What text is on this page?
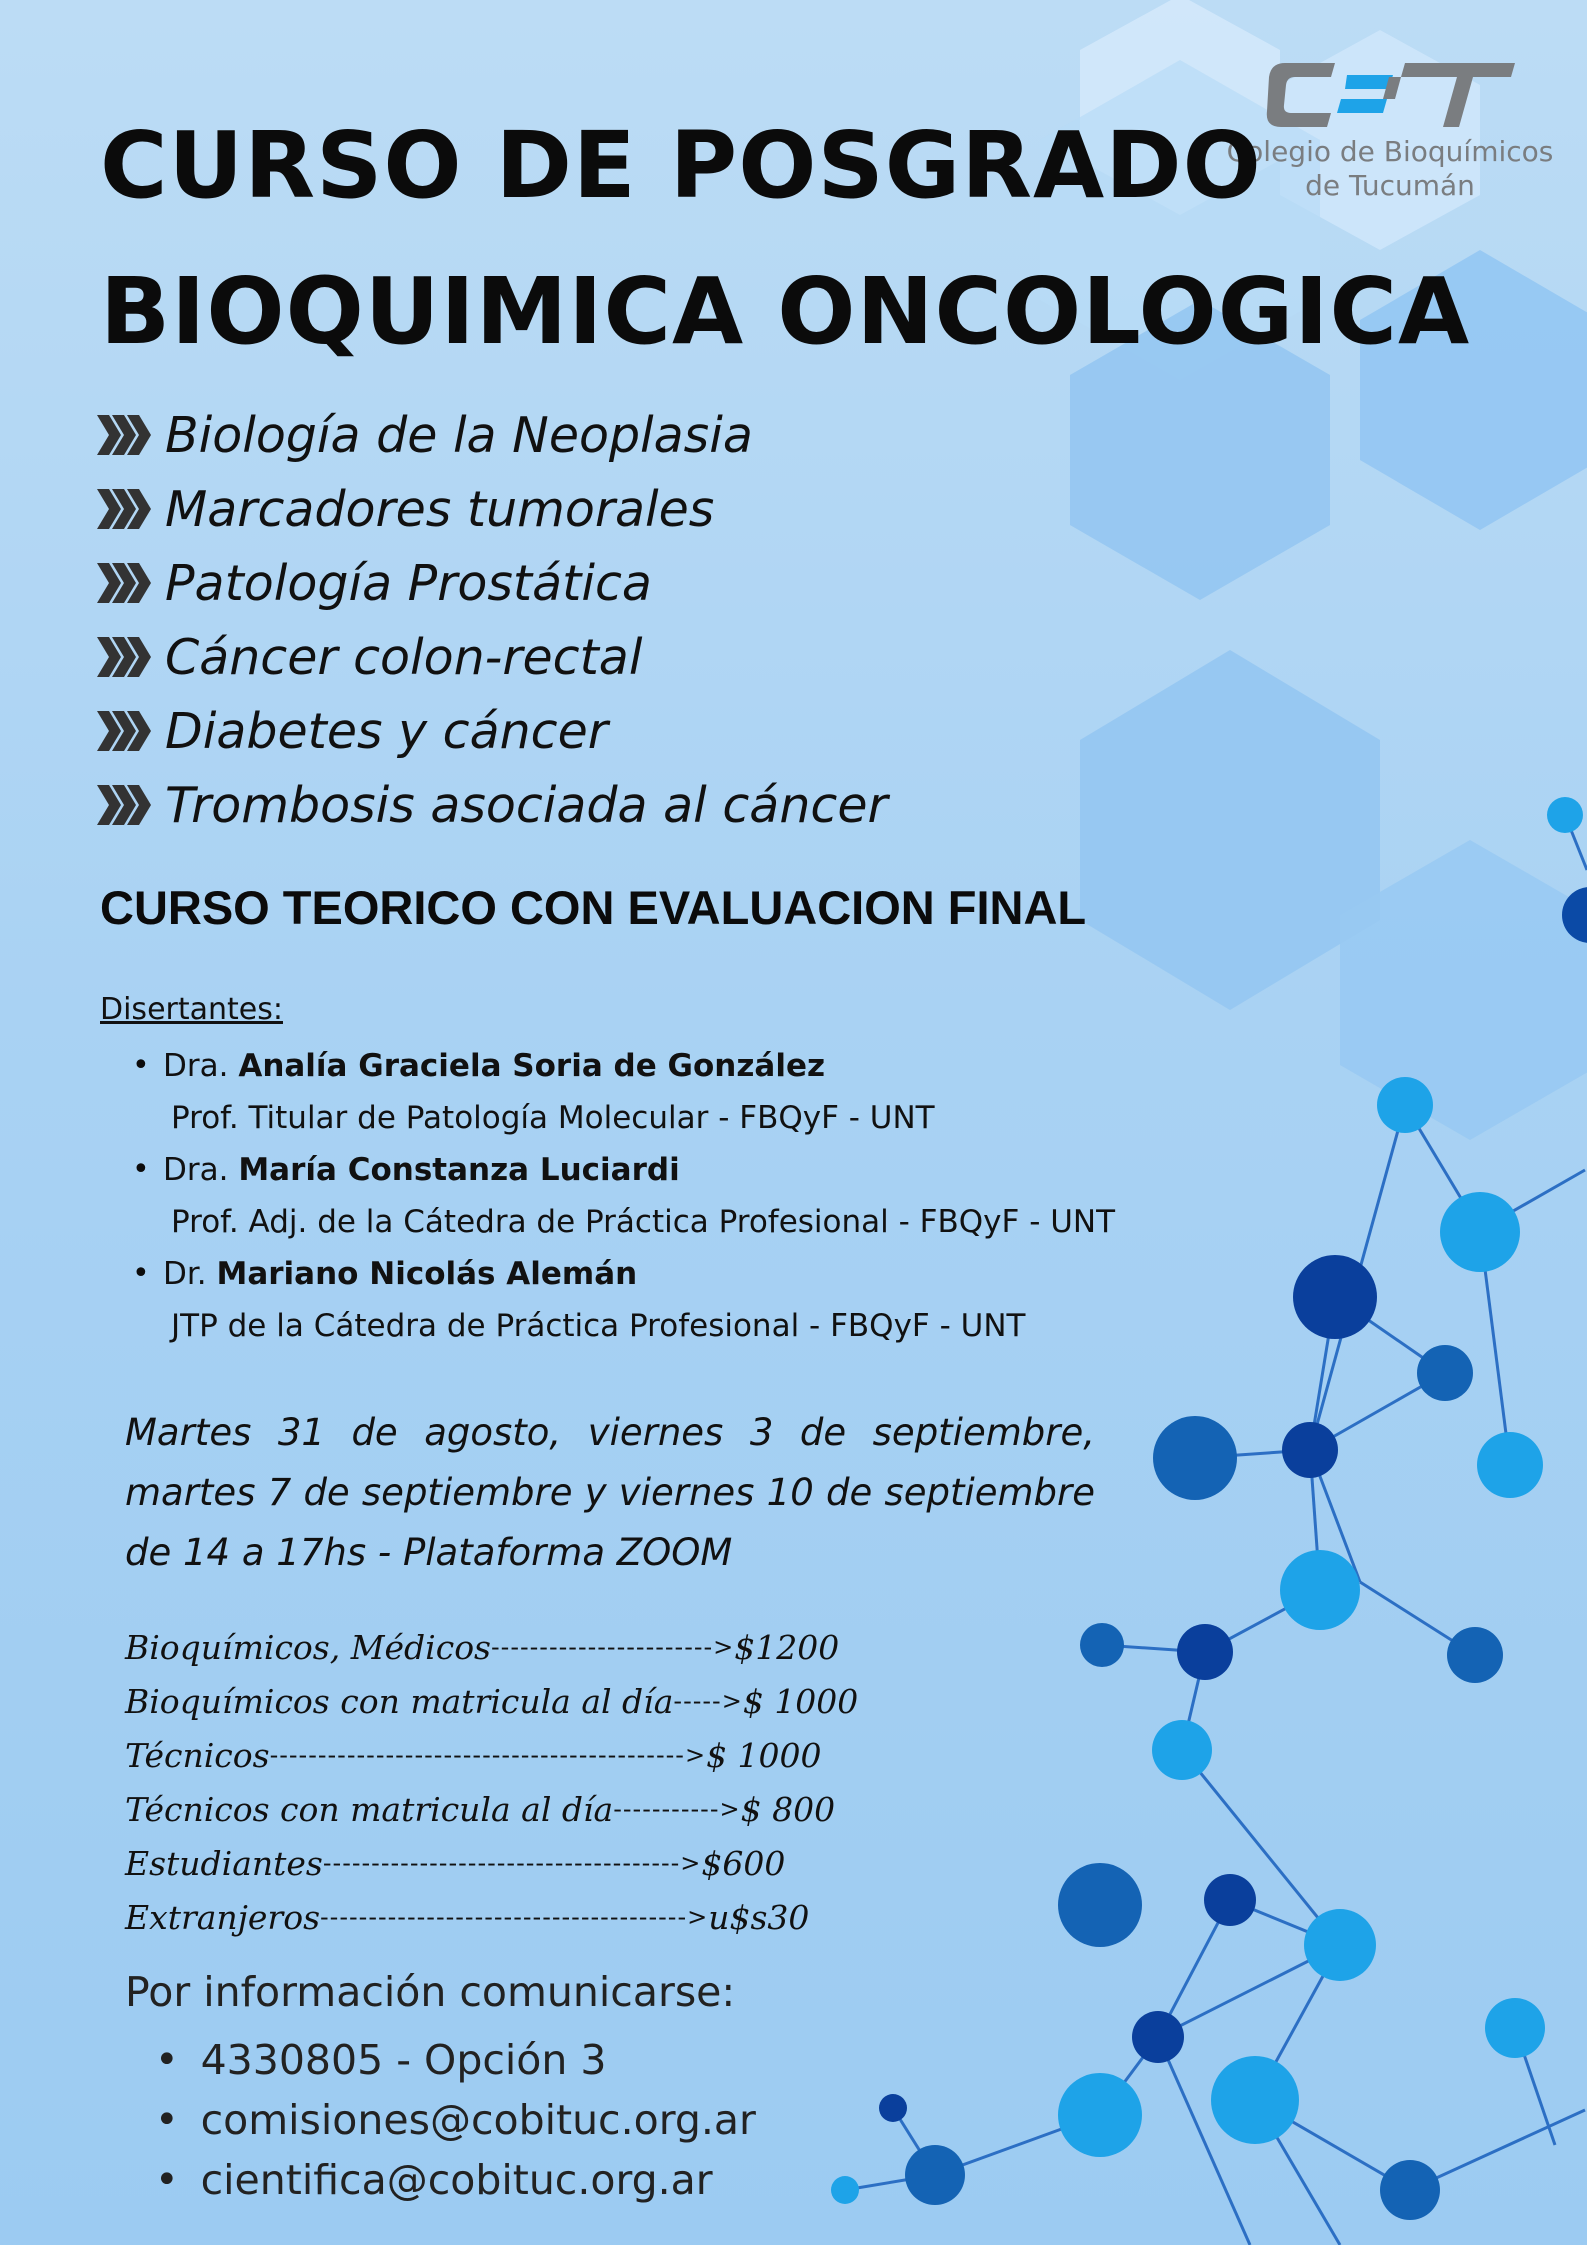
Colegio de Bioquímicos
de Tucumán
CURSO DE POSGRADO
BIOQUIMICA ONCOLOGICA
Biología de la Neoplasia
Marcadores tumorales
Patología Prostática
Cáncer colon-rectal
Diabetes y cáncer
Trombosis asociada al cáncer
CURSO TEORICO CON EVALUACION FINAL
Disertantes:
• Dra. Analía Graciela Soria de González
Prof. Titular de Patología Molecular - FBQyF - UNT
• Dra. María Constanza Luciardi
Prof. Adj. de la Cátedra de Práctica Profesional - FBQyF - UNT
• Dr. Mariano Nicolás Alemán
JTP de la Cátedra de Práctica Profesional - FBQyF - UNT
Martes 31 de agosto, viernes 3 de septiembre, martes 7 de septiembre y viernes 10 de septiembre de 14 a 17hs - Plataforma ZOOM
Bioquímicos, Médicos -----------------------> $1200
Bioquímicos con matricula al día -----> $ 1000
Técnicos -------------------------------------------> $ 1000
Técnicos con matricula al día -----------> $ 800
Estudiantes -------------------------------------> $600
Extranjeros --------------------------------------> u$s30
Por información comunicarse:
• 4330805 - Opción 3
• comisiones@cobituc.org.ar
• cientifica@cobituc.org.ar
